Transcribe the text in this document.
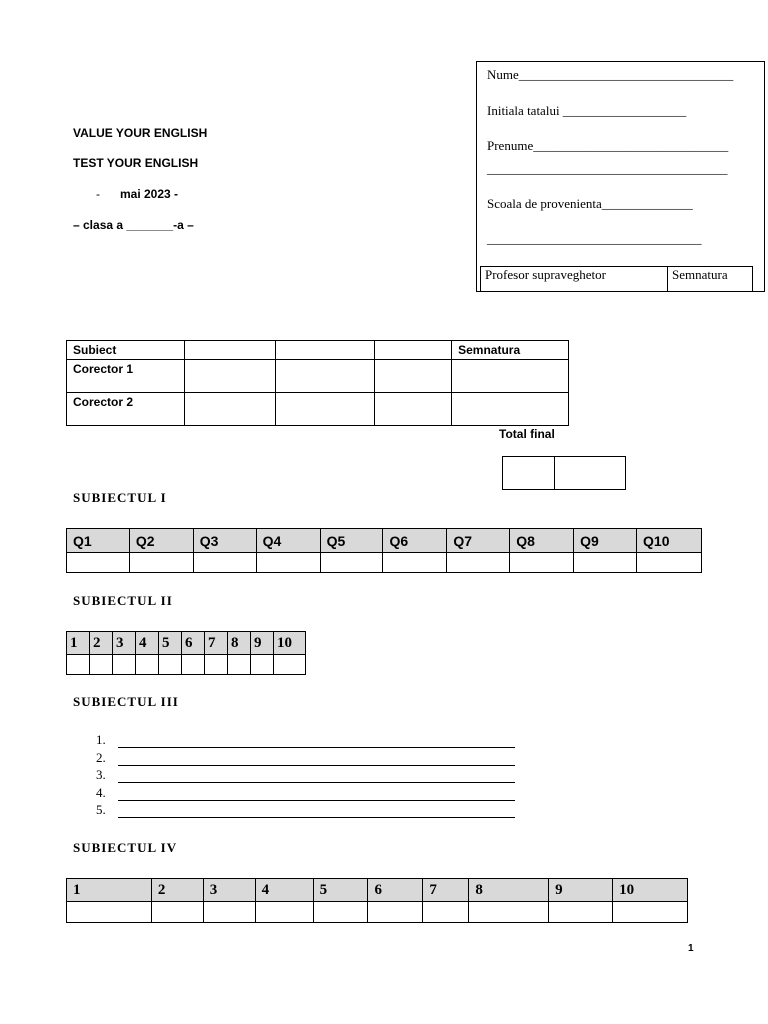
VALUE YOUR ENGLISH
TEST YOUR ENGLISH
- mai 2023 -
– clasa a _______-a –
Nume_________________________________
Initiala tatalui ___________________
Prenume______________________________
_____________________________________
Scoala de provenienta______________
_________________________________
Profesor supraveghetor	Semnatura
Subiect				Semnatura
Corector 1				
Corector 2				
Total final

SUBIECTUL I
Q1	Q2	Q3	Q4	Q5	Q6	Q7	Q8	Q9	Q10

SUBIECTUL II
1	2	3	4	5	6	7	8	9	10

SUBIECTUL III
1.
2.
3.
4.
5.
SUBIECTUL IV
1	2	3	4	5	6	7	8	9	10

1
